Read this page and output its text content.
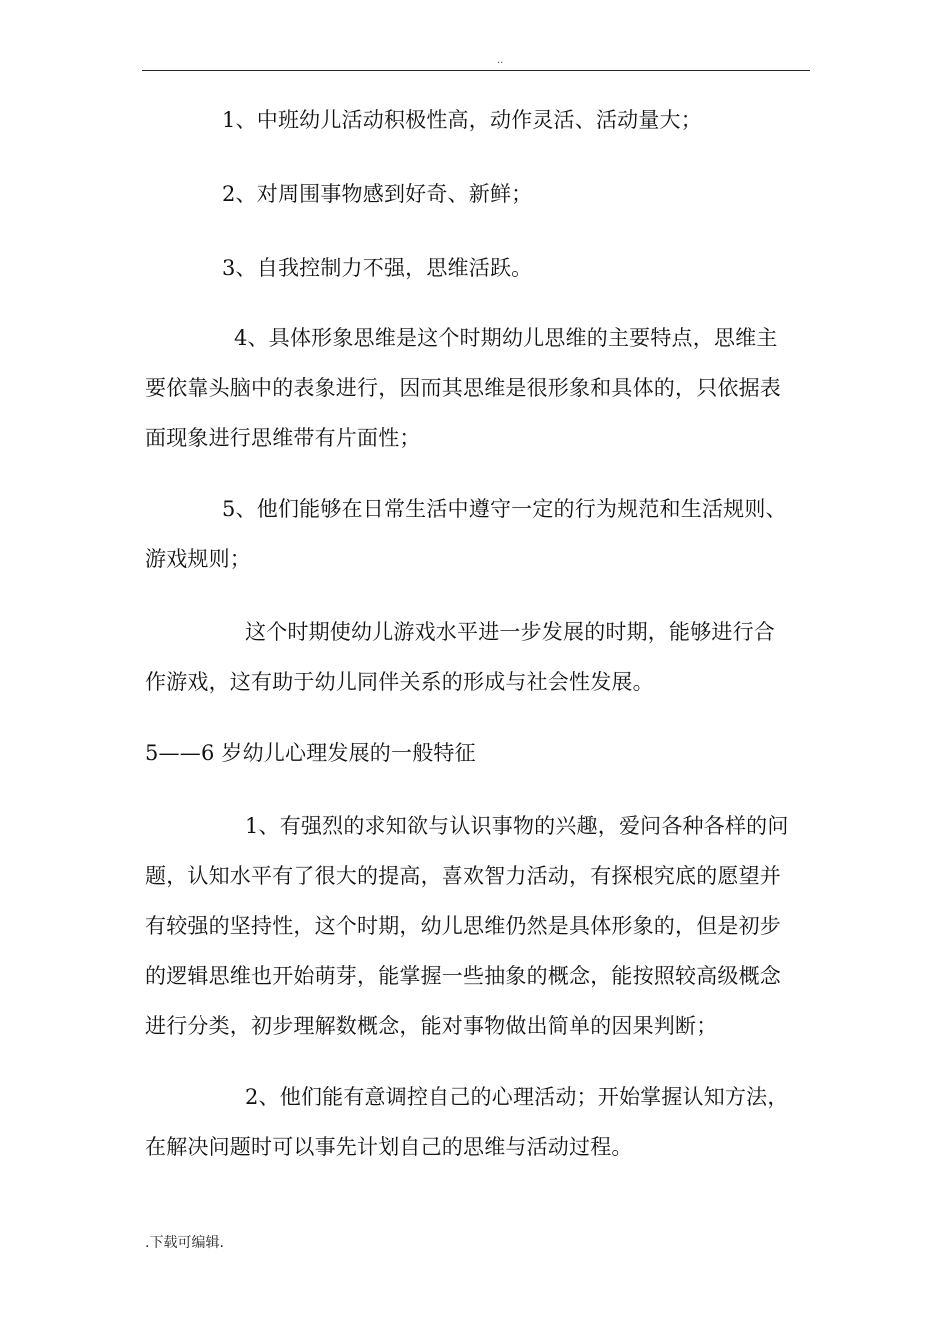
..
1、中班幼儿活动积极性高，动作灵活、活动量大；
2、对周围事物感到好奇、新鲜；
3、自我控制力不强，思维活跃。
4、具体形象思维是这个时期幼儿思维的主要特点，思维主
要依靠头脑中的表象进行，因而其思维是很形象和具体的，只依据表
面现象进行思维带有片面性；
5、他们能够在日常生活中遵守一定的行为规范和生活规则、
游戏规则；
这个时期使幼儿游戏水平进一步发展的时期，能够进行合
作游戏，这有助于幼儿同伴关系的形成与社会性发展。
5——6 岁幼儿心理发展的一般特征
1、有强烈的求知欲与认识事物的兴趣，爱问各种各样的问
题，认知水平有了很大的提高，喜欢智力活动，有探根究底的愿望并
有较强的坚持性，这个时期，幼儿思维仍然是具体形象的，但是初步
的逻辑思维也开始萌芽，能掌握一些抽象的概念，能按照较高级概念
进行分类，初步理解数概念，能对事物做出简单的因果判断；
2、他们能有意调控自己的心理活动；开始掌握认知方法，
在解决问题时可以事先计划自己的思维与活动过程。
.下载可编辑.
